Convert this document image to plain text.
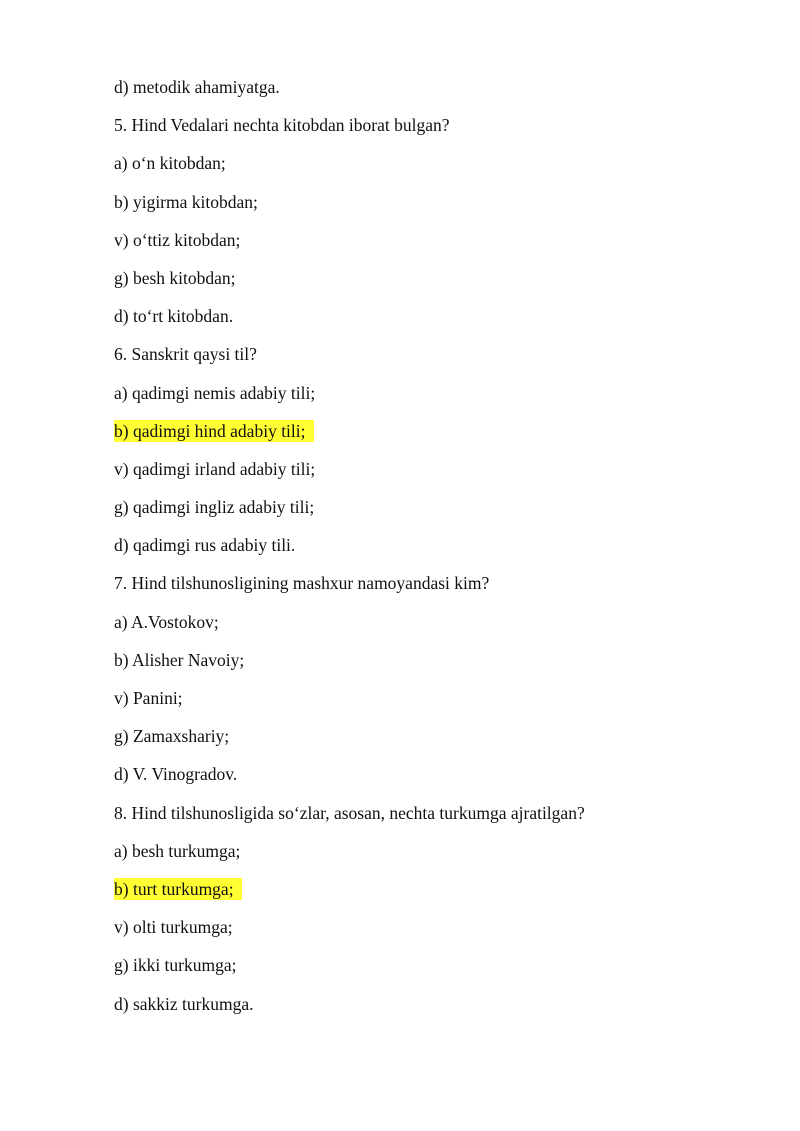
d) metodik ahamiyatga.
5. Hind Vedalari nechta kitobdan iborat bulgan?
a) o‘n kitobdan;
b) yigirma kitobdan;
v) o‘ttiz kitobdan;
g) besh kitobdan;
d) to‘rt kitobdan.
6. Sanskrit qaysi til?
a) qadimgi nemis adabiy tili;
b) qadimgi hind adabiy tili;
v) qadimgi irland adabiy tili;
g) qadimgi ingliz adabiy tili;
d) qadimgi rus adabiy tili.
7. Hind tilshunosligining mashxur namoyandasi kim?
a) A.Vostokov;
b) Alisher Navoiy;
v) Panini;
g) Zamaxshariy;
d) V. Vinogradov.
8. Hind tilshunosligida so‘zlar, asosan, nechta turkumga ajratilgan?
a) besh turkumga;
b) turt turkumga;
v) olti turkumga;
g) ikki turkumga;
d) sakkiz turkumga.
